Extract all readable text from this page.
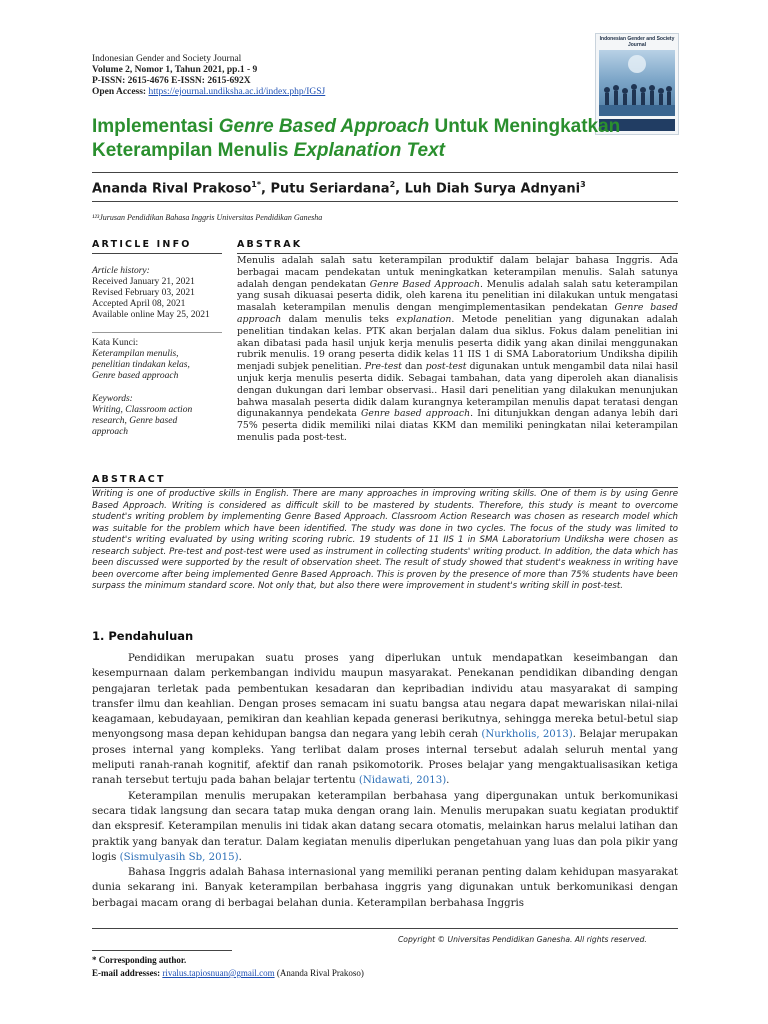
Indonesian Gender and Society Journal
Volume 2, Nomor 1, Tahun 2021, pp.1 - 9
P-ISSN: 2615-4676 E-ISSN: 2615-692X
Open Access: https://ejournal.undiksha.ac.id/index.php/IGSJ
Indonesian Gender and Society Journal
Implementasi Genre Based Approach Untuk Meningkatkan Keterampilan Menulis Explanation Text
Ananda Rival Prakoso$^{1*}$, Putu Seriardana$^2$, Luh Diah Surya Adnyani$^3$
¹²³Jurusan Pendidikan Bahasa Inggris Universitas Pendidikan Ganesha
ARTICLE INFO	ABSTRAK
Article history:
Received January 21, 2021
Revised February 03, 2021
Accepted April 08, 2021
Available online May 25, 2021
Kata Kunci:
Keterampilan menulis,
penelitian tindakan kelas,
Genre based approach
Keywords:
Writing, Classroom action
research, Genre based
approach
Menulis adalah salah satu keterampilan produktif dalam belajar bahasa Inggris. Ada berbagai macam pendekatan untuk meningkatkan keterampilan menulis. Salah satunya adalah dengan pendekatan Genre Based Approach. Menulis adalah salah satu keterampilan yang susah dikuasai peserta didik, oleh karena itu penelitian ini dilakukan untuk mengatasi masalah keterampilan menulis dengan mengimplementasikan pendekatan Genre based approach dalam menulis teks explanation. Metode penelitian yang digunakan adalah penelitian tindakan kelas. PTK akan berjalan dalam dua siklus. Fokus dalam penelitian ini akan dibatasi pada hasil unjuk kerja menulis peserta didik yang akan dinilai menggunakan rubrik menulis. 19 orang peserta didik kelas 11 IIS 1 di SMA Laboratorium Undiksha dipilih menjadi subjek penelitian. Pre-test dan post-test digunakan untuk mengambil data nilai hasil unjuk kerja menulis peserta didik. Sebagai tambahan, data yang diperoleh akan dianalisis dengan dukungan dari lembar observasi.. Hasil dari penelitian yang dilakukan menunjukan bahwa masalah peserta didik dalam kurangnya keterampilan menulis dapat teratasi dengan digunakannya pendekata Genre based approach. Ini ditunjukkan dengan adanya lebih dari 75% peserta didik memiliki nilai diatas KKM dan memiliki peningkatan nilai keterampilan menulis pada post-test.
ABSTRACT
Writing is one of productive skills in English. There are many approaches in improving writing skills. One of them is by using Genre Based Approach. Writing is considered as difficult skill to be mastered by students. Therefore, this study is meant to overcome student's writing problem by implementing Genre Based Approach. Classroom Action Research was chosen as research model which was suitable for the problem which have been identified. The study was done in two cycles. The focus of the study was limited to student's writing evaluated by using writing scoring rubric. 19 students of 11 IIS 1 in SMA Laboratorium Undiksha were chosen as research subject. Pre-test and post-test were used as instrument in collecting students' writing product. In addition, the data which has been discussed were supported by the result of observation sheet. The result of study showed that student's weakness in writing have been overcome after being implemented Genre Based Approach. This is proven by the presence of more than 75% students have been surpass the minimum standard score. Not only that, but also there were improvement in student's writing skill in post-test.
1. Pendahuluan

Pendidikan merupakan suatu proses yang diperlukan untuk mendapatkan keseimbangan dan kesempurnaan dalam perkembangan individu maupun masyarakat. Penekanan pendidikan dibanding dengan pengajaran terletak pada pembentukan kesadaran dan kepribadian individu atau masyarakat di samping transfer ilmu dan keahlian. Dengan proses semacam ini suatu bangsa atau negara dapat mewariskan nilai-nilai keagamaan, kebudayaan, pemikiran dan keahlian kepada generasi berikutnya, sehingga mereka betul-betul siap menyongsong masa depan kehidupan bangsa dan negara yang lebih cerah (Nurkholis, 2013). Belajar merupakan proses internal yang kompleks. Yang terlibat dalam proses internal tersebut adalah seluruh mental yang meliputi ranah-ranah kognitif, afektif dan ranah psikomotorik. Proses belajar yang mengaktualisasikan ketiga ranah tersebut tertuju pada bahan belajar tertentu (Nidawati, 2013).

Keterampilan menulis merupakan keterampilan berbahasa yang dipergunakan untuk berkomunikasi secara tidak langsung dan secara tatap muka dengan orang lain. Menulis merupakan suatu kegiatan produktif dan ekspresif. Keterampilan menulis ini tidak akan datang secara otomatis, melainkan harus melalui latihan dan praktik yang banyak dan teratur. Dalam kegiatan menulis diperlukan pengetahuan yang luas dan pola pikir yang logis (Sismulyasih Sb, 2015).

Bahasa Inggris adalah Bahasa internasional yang memiliki peranan penting dalam kehidupan masyarakat dunia sekarang ini. Banyak keterampilan berbahasa inggris yang digunakan untuk berkomunikasi dengan berbagai macam orang di berbagai belahan dunia. Keterampilan berbahasa Inggris

Copyright © Universitas Pendidikan Ganesha. All rights reserved.
* Corresponding author.
E-mail addresses: rivalus.tapiosnuan@gmail.com (Ananda Rival Prakoso)
